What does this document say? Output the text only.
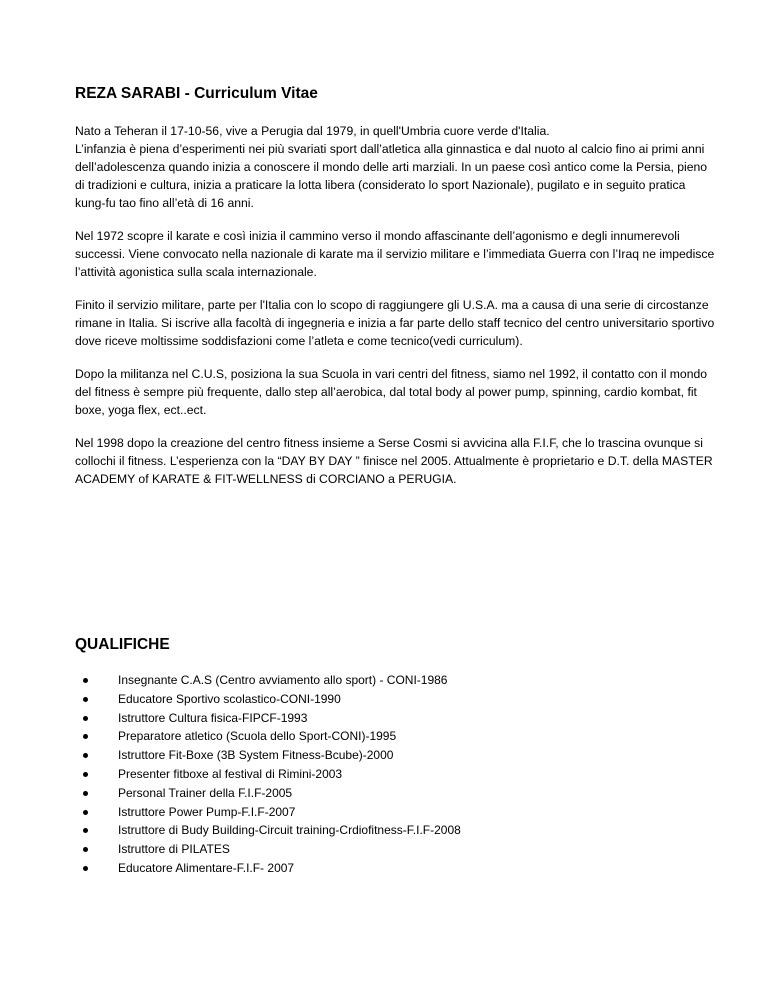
REZA SARABI - Curriculum Vitae

Nato a Teheran il 17-10-56, vive a Perugia dal 1979, in quell'Umbria cuore verde d'Italia.
L’infanzia è piena d’esperimenti nei più svariati sport dall’atletica alla ginnastica e dal nuoto al calcio fino ai primi anni dell’adolescenza quando inizia a conoscere il mondo delle arti marziali. In un paese così antico come la Persia, pieno di tradizioni e cultura, inizia a praticare la lotta libera (considerato lo sport Nazionale), pugilato e in seguito pratica kung-fu tao fino all’età di 16 anni.

Nel 1972 scopre il karate e così inizia il cammino verso il mondo affascinante dell’agonismo e degli innumerevoli successi. Viene convocato nella nazionale di karate ma il servizio militare e l’immediata Guerra con l’Iraq ne impedisce l’attività agonistica sulla scala internazionale.

Finito il servizio militare, parte per l'Italia con lo scopo di raggiungere gli U.S.A. ma a causa di una serie di circostanze rimane in Italia. Si iscrive alla facoltà di ingegneria e inizia a far parte dello staff tecnico del centro universitario sportivo dove riceve moltissime soddisfazioni come l’atleta e come tecnico(vedi curriculum).

Dopo la militanza nel C.U.S, posiziona la sua Scuola in vari centri del fitness, siamo nel 1992, il contatto con il mondo del fitness è sempre più frequente, dallo step all’aerobica, dal total body al power pump, spinning, cardio kombat, fit boxe, yoga flex, ect..ect.

Nel 1998 dopo la creazione del centro fitness insieme a Serse Cosmi si avvicina alla F.I.F, che lo trascina ovunque si collochi il fitness. L’esperienza con la “DAY BY DAY ” finisce nel 2005. Attualmente è proprietario e D.T. della MASTER ACADEMY of KARATE & FIT-WELLNESS di CORCIANO a PERUGIA.

QUALIFICHE
Insegnante C.A.S (Centro avviamento allo sport) - CONI-1986
Educatore Sportivo scolastico-CONI-1990
Istruttore Cultura fisica-FIPCF-1993
Preparatore atletico (Scuola dello Sport-CONI)-1995
Istruttore Fit-Boxe (3B System Fitness-Bcube)-2000
Presenter fitboxe al festival di Rimini-2003
Personal Trainer della F.I.F-2005
Istruttore Power Pump-F.I.F-2007
Istruttore di Budy Building-Circuit training-Crdiofitness-F.I.F-2008
Istruttore di PILATES
Educatore Alimentare-F.I.F- 2007
